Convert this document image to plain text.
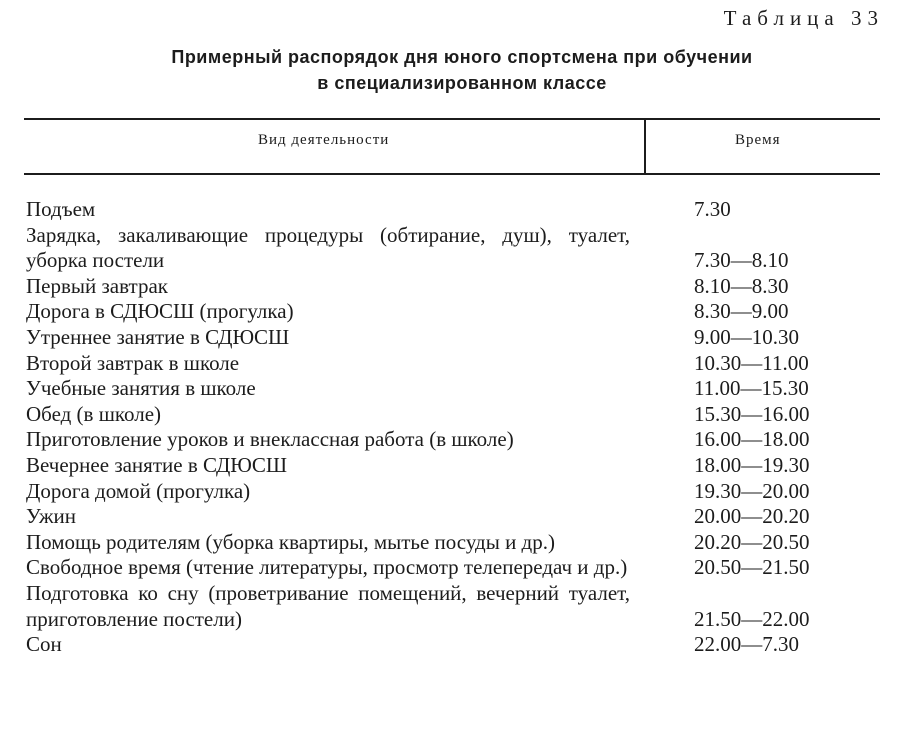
Таблица 33
Примерный распорядок дня юного спортсмена при обучении
в специализированном классе
Вид деятельности	Время
Подъем	7.30
Зарядка, закаливающие процедуры (обтирание, душ), туалет, уборка постели	7.30—8.10
Первый завтрак	8.10—8.30
Дорога в СДЮСШ (прогулка)	8.30—9.00
Утреннее занятие в СДЮСШ	9.00—10.30
Второй завтрак в школе	10.30—11.00
Учебные занятия в школе	11.00—15.30
Обед (в школе)	15.30—16.00
Приготовление уроков и внеклассная работа (в школе)	16.00—18.00
Вечернее занятие в СДЮСШ	18.00—19.30
Дорога домой (прогулка)	19.30—20.00
Ужин	20.00—20.20
Помощь родителям (уборка квартиры, мытье посуды и др.)	20.20—20.50
Свободное время (чтение литературы, просмотр телепередач и др.)	20.50—21.50
Подготовка ко сну (проветривание помещений, вечерний туалет, приготовление постели)	21.50—22.00
Сон	22.00—7.30
